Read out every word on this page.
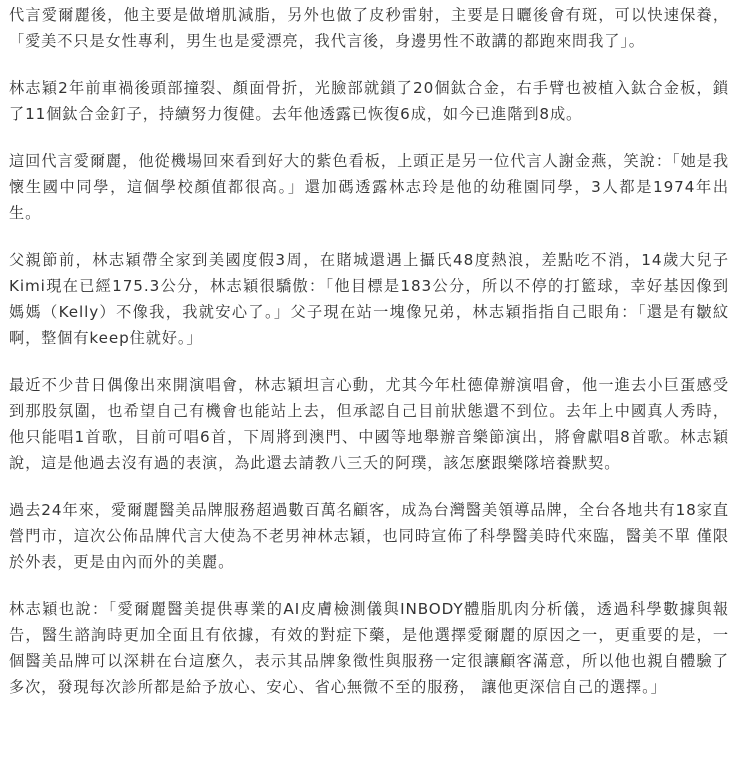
代言愛爾麗後，他主要是做增肌減脂，另外也做了皮秒雷射，主要是日曬後會有斑，可以快速保養，「愛美不只是女性專利，男生也是愛漂亮，我代言後，身邊男性不敢講的都跑來問我了」。

林志穎2年前車禍後頭部撞裂、顏面骨折，光臉部就鎖了20個鈦合金，右手臂也被植入鈦合金板，鎖了11個鈦合金釘子，持續努力復健。去年他透露已恢復6成，如今已進階到8成。

這回代言愛爾麗，他從機場回來看到好大的紫色看板，上頭正是另一位代言人謝金燕，笑說：「她是我懷生國中同學，這個學校顏值都很高。」還加碼透露林志玲是他的幼稚園同學，3人都是1974年出生。

父親節前，林志穎帶全家到美國度假3周，在賭城還遇上攝氏48度熱浪，差點吃不消，14歲大兒子Kimi現在已經175.3公分，林志穎很驕傲：「他目標是183公分，所以不停的打籃球，幸好基因像到媽媽（Kelly）不像我，我就安心了。」父子現在站一塊像兄弟，林志穎指指自己眼角：「還是有皺紋啊，整個有keep住就好。」

最近不少昔日偶像出來開演唱會，林志穎坦言心動，尤其今年杜德偉辦演唱會，他一進去小巨蛋感受到那股氛圍，也希望自己有機會也能站上去，但承認自己目前狀態還不到位。去年上中國真人秀時，他只能唱1首歌，目前可唱6首，下周將到澳門、中國等地舉辦音樂節演出，將會獻唱8首歌。林志穎說，這是他過去沒有過的表演，為此還去請教八三夭的阿璞，該怎麼跟樂隊培養默契。

過去24年來，愛爾麗醫美品牌服務超過數百萬名顧客，成為台灣醫美領導品牌，全台各地共有18家直營門市，這次公佈品牌代言大使為不老男神林志穎，也同時宣佈了科學醫美時代來臨，醫美不單 僅限於外表，更是由內而外的美麗。

林志穎也說：「愛爾麗醫美提供專業的AI皮膚檢測儀與INBODY體脂肌肉分析儀，透過科學數據與報告，醫生諮詢時更加全面且有依據，有效的對症下藥，是他選擇愛爾麗的原因之一，更重要的是，一個醫美品牌可以深耕在台這麼久，表示其品牌象徵性與服務一定很讓顧客滿意，所以他也親自體驗了多次，發現每次診所都是給予放心、安心、省心無微不至的服務， 讓他更深信自己的選擇。」
